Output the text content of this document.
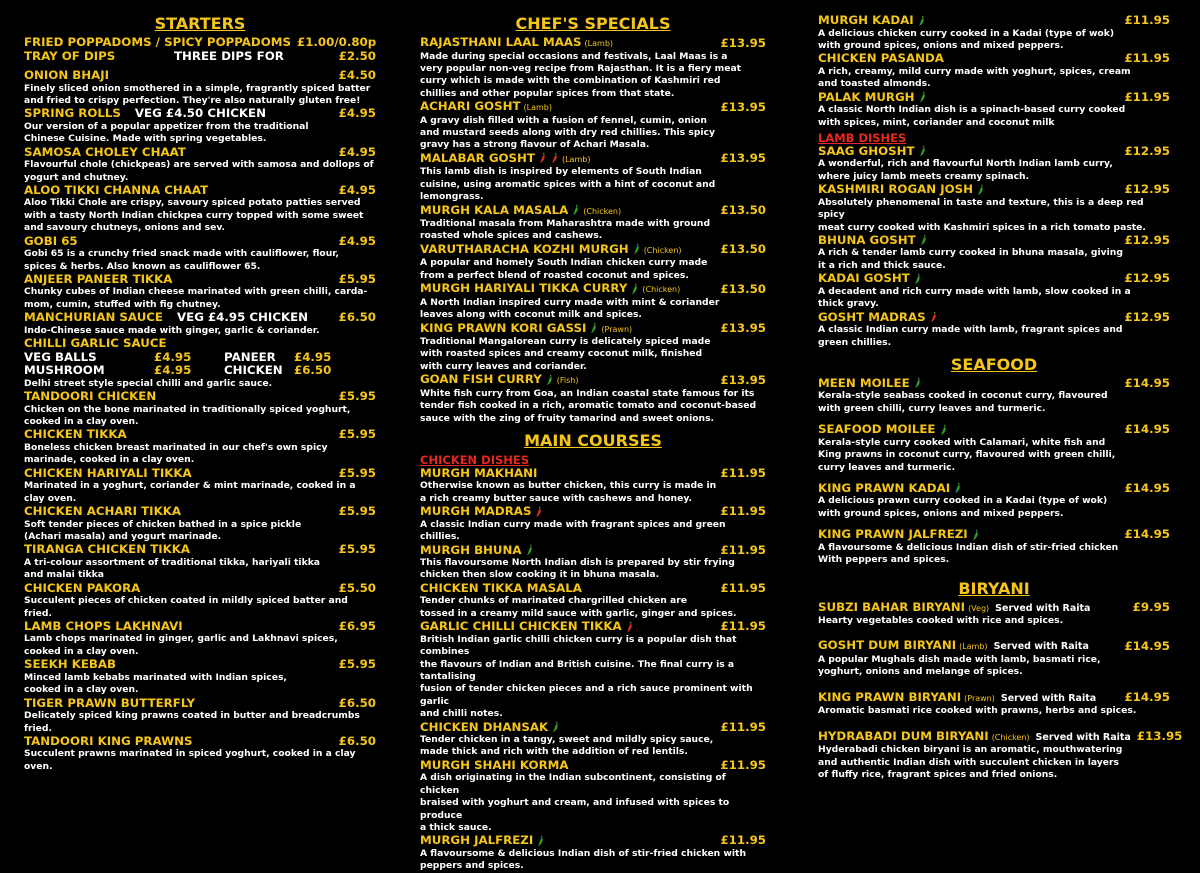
STARTERS
FRIED POPPADOMS / SPICY POPPADOMS £1.00/0.80p
TRAY OF DIPS	THREE DIPS FOR	£2.50
ONION BHAJI	£4.50
Finely sliced onion smothered in a simple, fragrantly spiced batter
and fried to crispy perfection. They're also naturally gluten free!
SPRING ROLLS VEG £4.50 CHICKEN	£4.95
Our version of a popular appetizer from the traditional
Chinese Cuisine. Made with spring vegetables.
SAMOSA CHOLEY CHAAT	£4.95
Flavourful chole (chickpeas) are served with samosa and dollops of
yogurt and chutney.
ALOO TIKKI CHANNA CHAAT	£4.95
Aloo Tikki Chole are crispy, savoury spiced potato patties served
with a tasty North Indian chickpea curry topped with some sweet
and savoury chutneys, onions and sev.
GOBI 65	£4.95
Gobi 65 is a crunchy fried snack made with cauliflower, flour,
spices & herbs. Also known as cauliflower 65.
ANJEER PANEER TIKKA	£5.95
Chunky cubes of Indian cheese marinated with green chilli, carda-
mom, cumin, stuffed with fig chutney.
MANCHURIAN SAUCE VEG £4.95 CHICKEN	£6.50
Indo-Chinese sauce made with ginger, garlic & coriander.
CHILLI GARLIC SAUCE
VEG BALLS	£4.95	PANEER	£4.95
MUSHROOM	£4.95	CHICKEN £6.50
Delhi street style special chilli and garlic sauce.
TANDOORI CHICKEN	£5.95
Chicken on the bone marinated in traditionally spiced yoghurt,
cooked in a clay oven.
CHICKEN TIKKA	£5.95
Boneless chicken breast marinated in our chef's own spicy
marinade, cooked in a clay oven.
CHICKEN HARIYALI TIKKA	£5.95
Marinated in a yoghurt, coriander & mint marinade, cooked in a
clay oven.
CHICKEN ACHARI TIKKA	£5.95
Soft tender pieces of chicken bathed in a spice pickle
(Achari masala) and yogurt marinade.
TIRANGA CHICKEN TIKKA	£5.95
A tri-colour assortment of traditional tikka, hariyali tikka
and malai tikka
CHICKEN PAKORA	£5.50
Succulent pieces of chicken coated in mildly spiced batter and fried.
LAMB CHOPS LAKHNAVI	£6.95
Lamb chops marinated in ginger, garlic and Lakhnavi spices,
cooked in a clay oven.
SEEKH KEBAB	£5.95
Minced lamb kebabs marinated with Indian spices,
cooked in a clay oven.
TIGER PRAWN BUTTERFLY	£6.50
Delicately spiced king prawns coated in butter and breadcrumbs
fried.
TANDOORI KING PRAWNS	£6.50
Succulent prawns marinated in spiced yoghurt, cooked in a clay
oven.
CHEF'S SPECIALS
RAJASTHANI LAAL MAAS (Lamb)	£13.95
Made during special occasions and festivals, Laal Maas is a
very popular non-veg recipe from Rajasthan. It is a fiery meat
curry which is made with the combination of Kashmiri red
chillies and other popular spices from that state.
ACHARI GOSHT (Lamb)	£13.95
A gravy dish filled with a fusion of fennel, cumin, onion
and mustard seeds along with dry red chillies. This spicy
gravy has a strong flavour of Achari Masala.
MALABAR GOSHT	(Lamb)	£13.95
This lamb dish is inspired by elements of South Indian
cuisine, using aromatic spices with a hint of coconut and lemongrass.
MURGH KALA MASALA (Chicken)	£13.50
Traditional masala from Maharashtra made with ground
roasted whole spices and cashews.
VARUTHARACHA KOZHI MURGH (Chicken)	£13.50
A popular and homely South Indian chicken curry made
from a perfect blend of roasted coconut and spices.
MURGH HARIYALI TIKKA CURRY (Chicken)	£13.50
A North Indian inspired curry made with mint & coriander
leaves along with coconut milk and spices.
KING PRAWN KORI GASSI (Prawn)	£13.95
Traditional Mangalorean curry is delicately spiced made
with roasted spices and creamy coconut milk, finished
with curry leaves and coriander.
GOAN FISH CURRY (Fish)	£13.95
White fish curry from Goa, an Indian coastal state famous for its
tender fish cooked in a rich, aromatic tomato and coconut-based
sauce with the zing of fruity tamarind and sweet onions.
MAIN COURSES
CHICKEN DISHES
MURGH MAKHANI	£11.95
Otherwise known as butter chicken, this curry is made in
a rich creamy butter sauce with cashews and honey.
MURGH MADRAS	£11.95
A classic Indian curry made with fragrant spices and green chillies.
MURGH BHUNA	£11.95
This flavoursome North Indian dish is prepared by stir frying
chicken then slow cooking it in bhuna masala.
CHICKEN TIKKA MASALA	£11.95
Tender chunks of marinated chargrilled chicken are
tossed in a creamy mild sauce with garlic, ginger and spices.
GARLIC CHILLI CHICKEN TIKKA	£11.95
British Indian garlic chilli chicken curry is a popular dish that combines
the flavours of Indian and British cuisine. The final curry is a tantalising
fusion of tender chicken pieces and a rich sauce prominent with garlic
and chilli notes.
CHICKEN DHANSAK	£11.95
Tender chicken in a tangy, sweet and mildly spicy sauce,
made thick and rich with the addition of red lentils.
MURGH SHAHI KORMA	£11.95
A dish originating in the Indian subcontinent, consisting of chicken
braised with yoghurt and cream, and infused with spices to produce
a thick sauce.
MURGH JALFREZI	£11.95
A flavoursome & delicious Indian dish of stir-fried chicken with
peppers and spices.
MURGH KADAI	£11.95
A delicious chicken curry cooked in a Kadai (type of wok)
with ground spices, onions and mixed peppers.
CHICKEN PASANDA	£11.95
A rich, creamy, mild curry made with yoghurt, spices, cream
and toasted almonds.
PALAK MURGH	£11.95
A classic North Indian dish is a spinach-based curry cooked
with spices, mint, coriander and coconut milk
LAMB DISHES
SAAG GHOSHT	£12.95
A wonderful, rich and flavourful North Indian lamb curry,
where juicy lamb meets creamy spinach.
KASHMIRI ROGAN JOSH	£12.95
Absolutely phenomenal in taste and texture, this is a deep red spicy
meat curry cooked with Kashmiri spices in a rich tomato paste.
BHUNA GOSHT	£12.95
A rich & tender lamb curry cooked in bhuna masala, giving
it a rich and thick sauce.
KADAI GOSHT	£12.95
A decadent and rich curry made with lamb, slow cooked in a
thick gravy.
GOSHT MADRAS	£12.95
A classic Indian curry made with lamb, fragrant spices and
green chillies.
SEAFOOD
MEEN MOILEE	£14.95
Kerala-style seabass cooked in coconut curry, flavoured
with green chilli, curry leaves and turmeric.
SEAFOOD MOILEE	£14.95
Kerala-style curry cooked with Calamari, white fish and
King prawns in coconut curry, flavoured with green chilli,
curry leaves and turmeric.
KING PRAWN KADAI	£14.95
A delicious prawn curry cooked in a Kadai (type of wok)
with ground spices, onions and mixed peppers.
KING PRAWN JALFREZI	£14.95
A flavoursome & delicious Indian dish of stir-fried chicken
With peppers and spices.
BIRYANI
SUBZI BAHAR BIRYANI (Veg) Served with Raita	£9.95
Hearty vegetables cooked with rice and spices.
GOSHT DUM BIRYANI (Lamb) Served with Raita	£14.95
A popular Mughals dish made with lamb, basmati rice,
yoghurt, onions and melange of spices.
KING PRAWN BIRYANI (Prawn) Served with Raita	£14.95
Aromatic basmati rice cooked with prawns, herbs and spices.
HYDRABADI DUM BIRYANI (Chicken) Served with Raita £13.95
Hyderabadi chicken biryani is an aromatic, mouthwatering
and authentic Indian dish with succulent chicken in layers
of fluffy rice, fragrant spices and fried onions.
